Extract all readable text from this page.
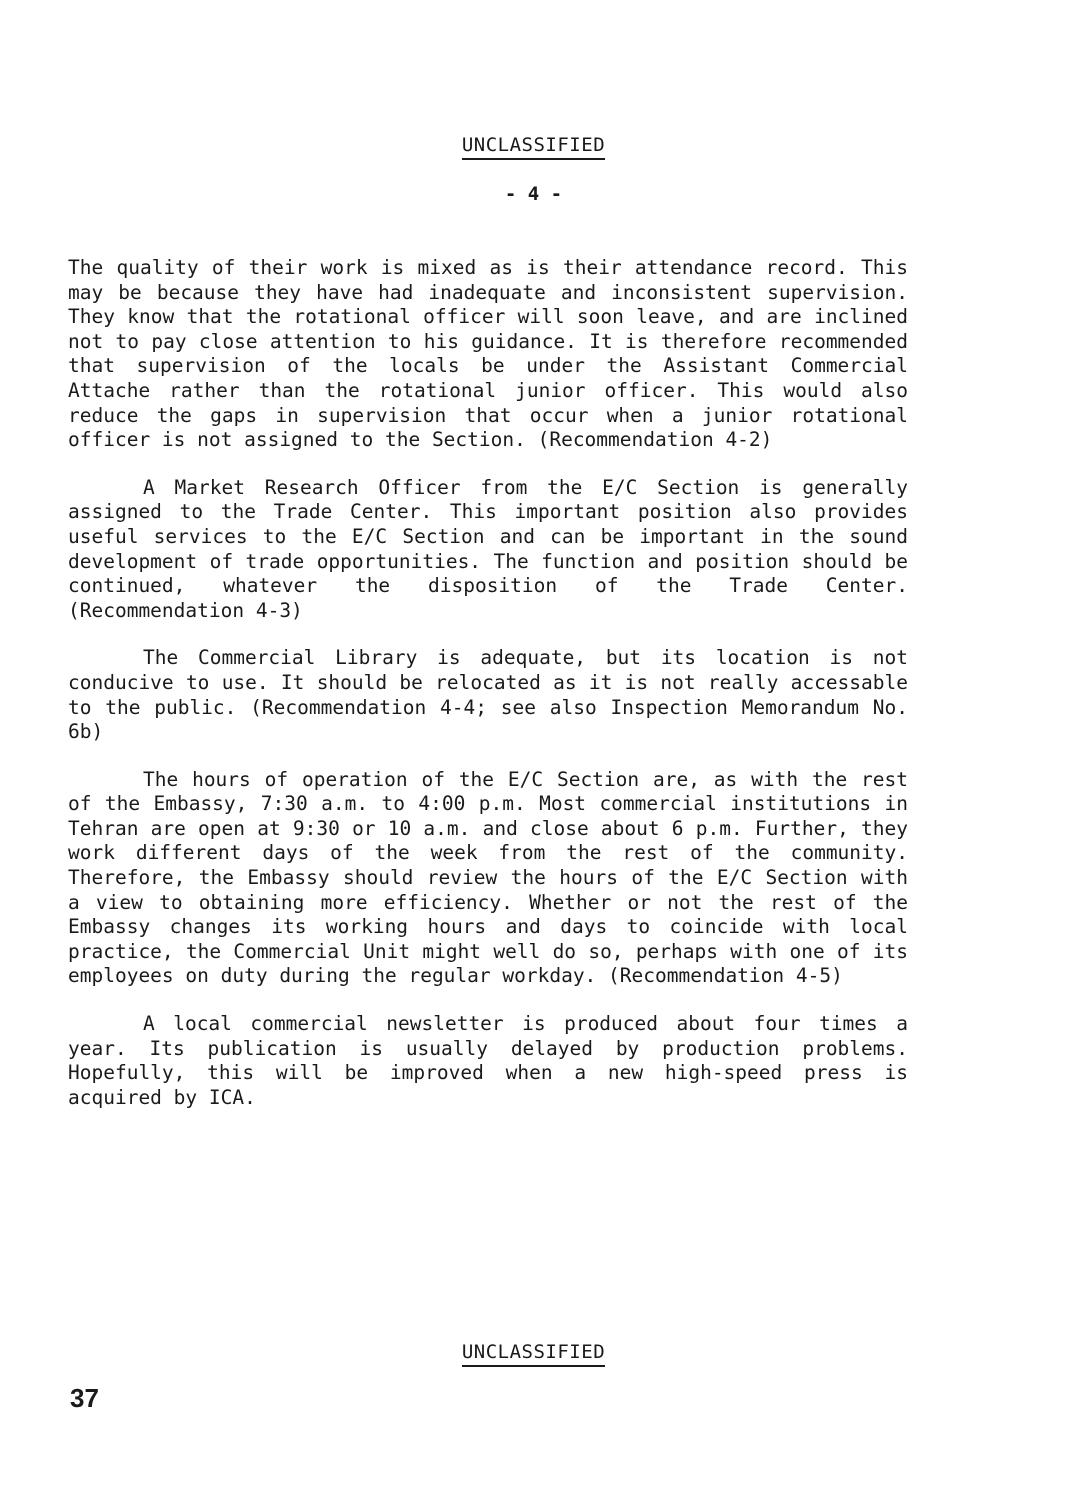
UNCLASSIFIED
- 4 -

The quality of their work is mixed as is their attendance record. This may be because they have had inadequate and inconsistent supervision. They know that the rotational officer will soon leave, and are inclined not to pay close attention to his guidance. It is therefore recommended that supervision of the locals be under the Assistant Commercial Attache rather than the rotational junior officer. This would also reduce the gaps in supervision that occur when a junior rotational officer is not assigned to the Section. (Recommendation 4-2)

A Market Research Officer from the E/C Section is generally assigned to the Trade Center. This important position also provides useful services to the E/C Section and can be important in the sound development of trade opportunities. The function and position should be continued, whatever the disposition of the Trade Center. (Recommendation 4-3)

The Commercial Library is adequate, but its location is not conducive to use. It should be relocated as it is not really accessable to the public. (Recommendation 4-4; see also Inspection Memorandum No. 6b)

The hours of operation of the E/C Section are, as with the rest of the Embassy, 7:30 a.m. to 4:00 p.m. Most commercial institutions in Tehran are open at 9:30 or 10 a.m. and close about 6 p.m. Further, they work different days of the week from the rest of the community. Therefore, the Embassy should review the hours of the E/C Section with a view to obtaining more efficiency. Whether or not the rest of the Embassy changes its working hours and days to coincide with local practice, the Commercial Unit might well do so, perhaps with one of its employees on duty during the regular workday. (Recommendation 4-5)

A local commercial newsletter is produced about four times a year. Its publication is usually delayed by production problems. Hopefully, this will be improved when a new high-speed press is acquired by ICA.

UNCLASSIFIED
37
